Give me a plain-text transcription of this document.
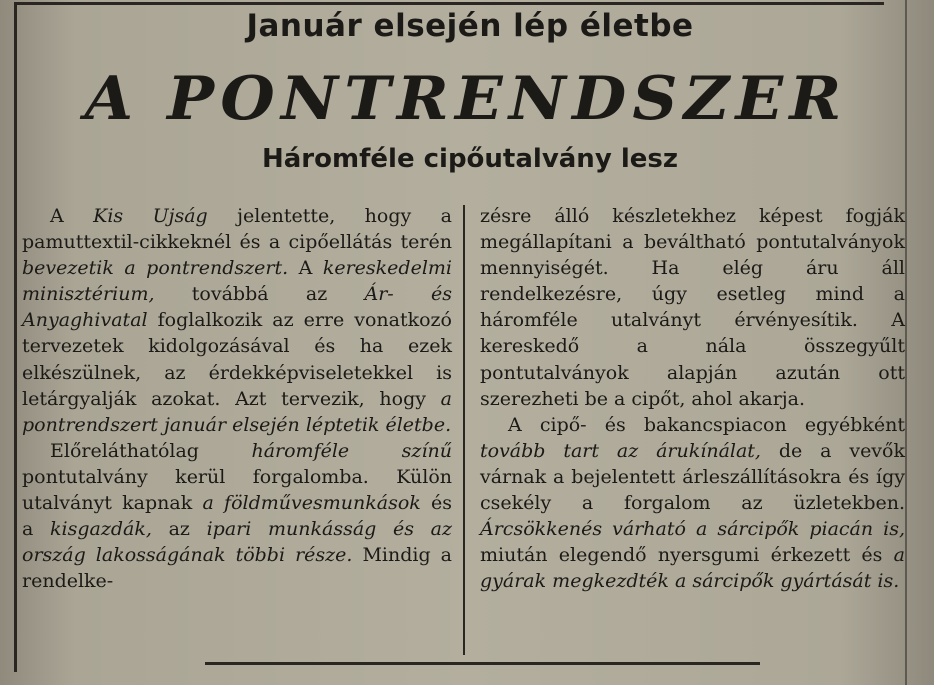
Január elsején lép életbe
A PONTRENDSZER
Háromféle cipőutalvány lesz

A Kis Ujság jelentette, hogy a pamuttextil-cikkeknél és a cipőellátás terén bevezetik a pontrendszert. A kereskedelmi minisztérium, továbbá az Ár- és Anyaghivatal foglalkozik az erre vonatkozó tervezetek kidolgozásával és ha ezek elkészülnek, az érdekképviseletekkel is letárgyalják azokat. Azt tervezik, hogy a pontrendszert január elsején léptetik életbe.

Előreláthatólag háromféle színű pontutalvány kerül forgalomba. Külön utalványt kapnak a földművesmunkások és a kisgazdák, az ipari munkásság és az ország lakosságának többi része. Mindig a rendelke-

zésre álló készletekhez képest fogják megállapítani a beváltható pontutalványok mennyiségét. Ha elég áru áll rendelkezésre, úgy esetleg mind a háromféle utalványt érvényesítik. A kereskedő a nála összegyűlt pontutalványok alapján azután ott szerezheti be a cipőt, ahol akarja.

A cipő- és bakancspiacon egyébként tovább tart az árukínálat, de a vevők várnak a bejelentett árleszállításokra és így csekély a forgalom az üzletekben. Árcsökkenés várható a sárcipők piacán is, miután elegendő nyersgumi érkezett és a gyárak megkezdték a sárcipők gyártását is.
